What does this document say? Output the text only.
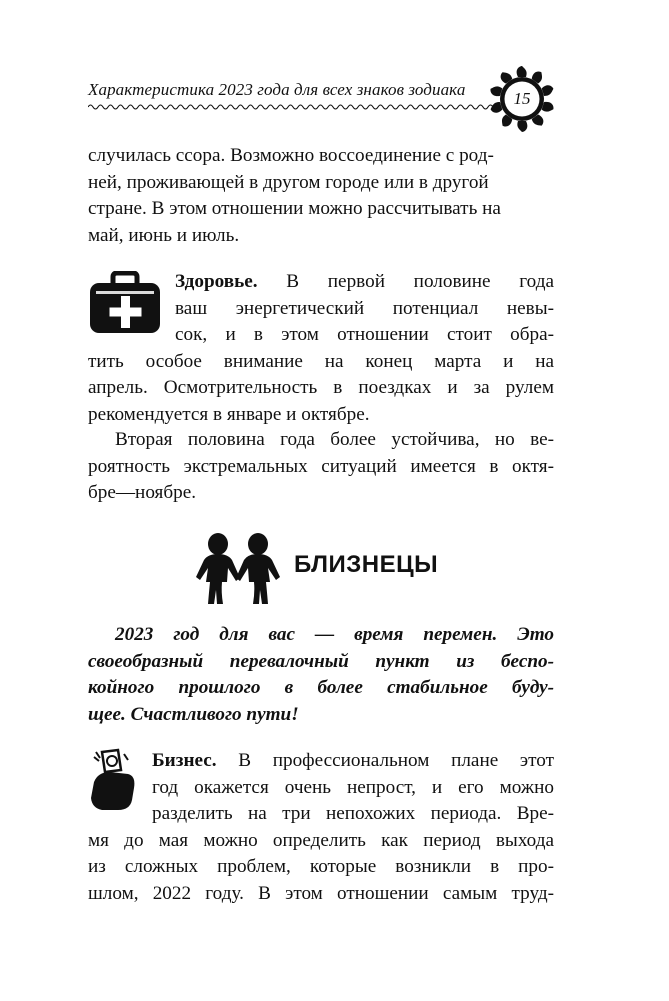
Характеристика 2023 года для всех знаков зодиака	15

случилась ссора. Возможно воссоединение с род-

ней, проживающей в другом городе или в другой

стране. В этом отношении можно рассчитывать на

май, июнь и июль.

Здоровье. В первой половине года

ваш энергетический потенциал невы-

сок, и в этом отношении стоит обра-

тить особое внимание на конец марта и на

апрель. Осмотрительность в поездках и за рулем

рекомендуется в январе и октябре.

Вторая половина года более устойчива, но ве-

роятность экстремальных ситуаций имеется в октя-

бре—ноябре.

БЛИЗНЕЦЫ

2023 год для вас — время перемен. Это

своеобразный перевалочный пункт из беспо-

койного прошлого в более стабильное буду-

щее. Счастливого пути!

Бизнес. В профессиональном плане этот

год окажется очень непрост, и его можно

разделить на три непохожих периода. Вре-

мя до мая можно определить как период выхода

из сложных проблем, которые возникли в про-

шлом, 2022 году. В этом отношении самым труд-
